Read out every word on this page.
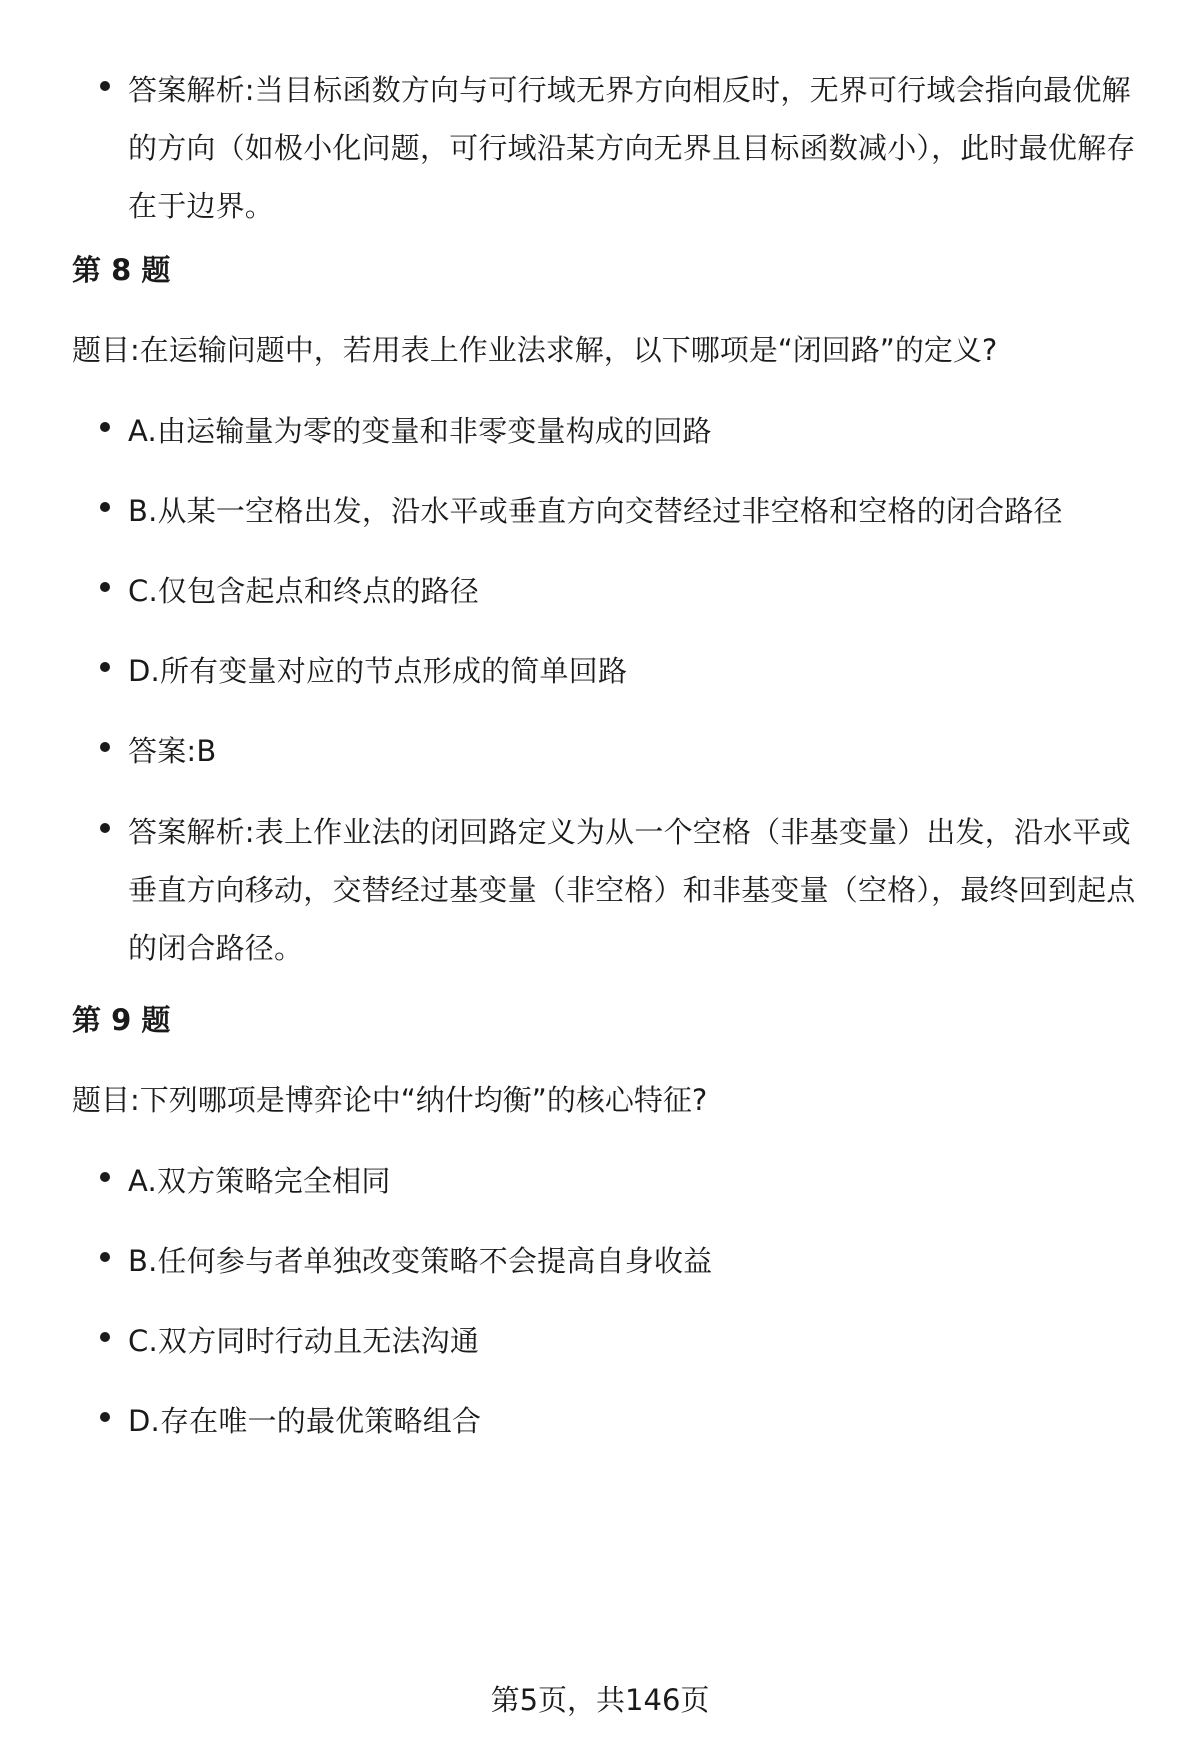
答案解析:当目标函数方向与可行域无界方向相反时，无界可行域会指向最优解的方向（如极小化问题，可行域沿某方向无界且目标函数减小），此时最优解存在于边界。
第 8 题
题目:在运输问题中，若用表上作业法求解，以下哪项是“闭回路”的定义?
A.由运输量为零的变量和非零变量构成的回路
B.从某一空格出发，沿水平或垂直方向交替经过非空格和空格的闭合路径
C.仅包含起点和终点的路径
D.所有变量对应的节点形成的简单回路
答案:B
答案解析:表上作业法的闭回路定义为从一个空格（非基变量）出发，沿水平或垂直方向移动，交替经过基变量（非空格）和非基变量（空格），最终回到起点的闭合路径。
第 9 题
题目:下列哪项是博弈论中“纳什均衡”的核心特征?
A.双方策略完全相同
B.任何参与者单独改变策略不会提高自身收益
C.双方同时行动且无法沟通
D.存在唯一的最优策略组合
第5页，共146页
